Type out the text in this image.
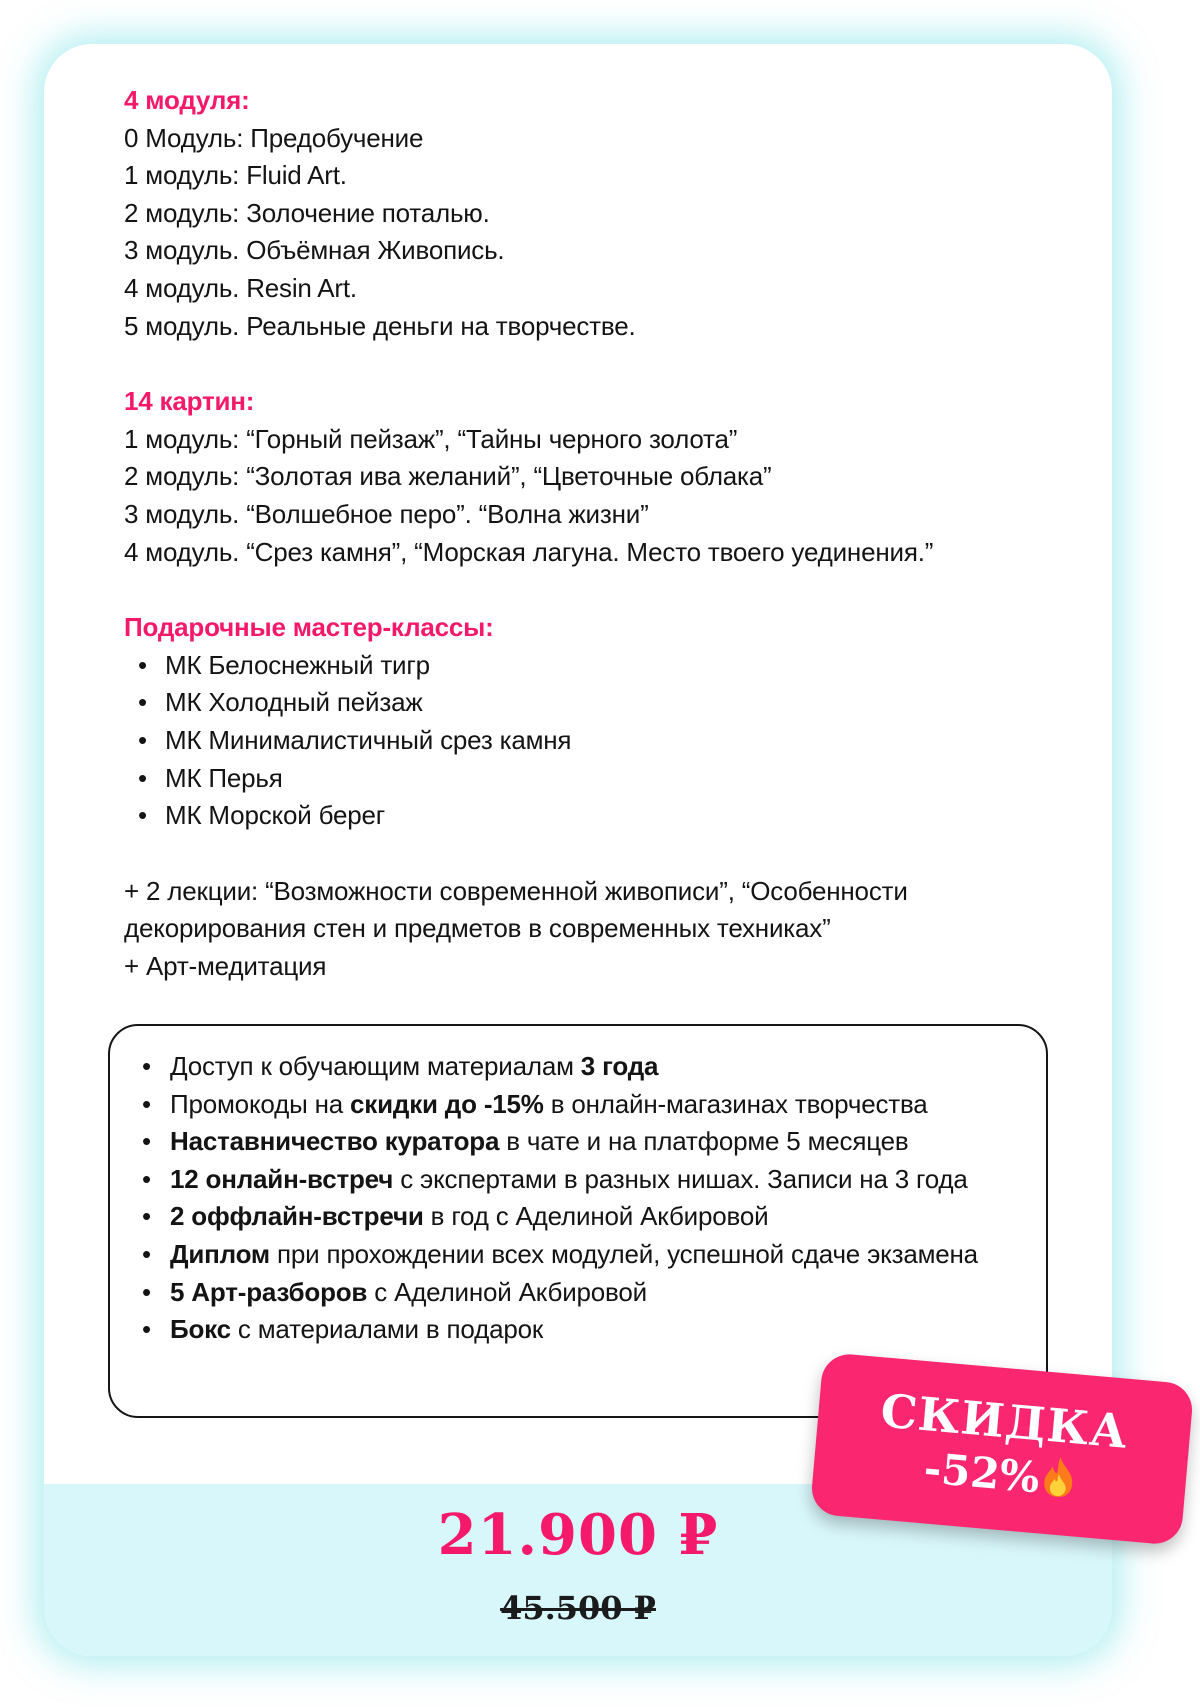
4 модуля:

0 Модуль: Предобучение

1 модуль: Fluid Art.

2 модуль: Золочение поталью.

3 модуль. Объёмная Живопись.

4 модуль. Resin Art.

5 модуль. Реальные деньги на творчестве.

14 картин:

1 модуль: “Горный пейзаж”, “Тайны черного золота”

2 модуль: “Золотая ива желаний”, “Цветочные облака”

3 модуль. “Волшебное перо”. “Волна жизни”

4 модуль. “Срез камня”, “Морская лагуна. Место твоего уединения.”

Подарочные мастер-классы:

• МК Белоснежный тигр
• МК Холодный пейзаж
• МК Минималистичный срез камня
• МК Перья
• МК Морской берег

+ 2 лекции: “Возможности современной живописи”, “Особенности декорирования стен и предметов в современных техниках”

+ Арт-медитация

• Доступ к обучающим материалам 3 года
• Промокоды на скидки до -15% в онлайн-магазинах творчества
• Наставничество куратора в чате и на платформе 5 месяцев
• 12 онлайн-встреч с экспертами в разных нишах. Записи на 3 года
• 2 оффлайн-встречи в год с Аделиной Акбировой
• Диплом при прохождении всех модулей, успешной сдаче экзамена
• 5 Арт-разборов с Аделиной Акбировой
• Бокс с материалами в подарок
21.900 ₽
45.500 ₽
СКИДКА
-52%
